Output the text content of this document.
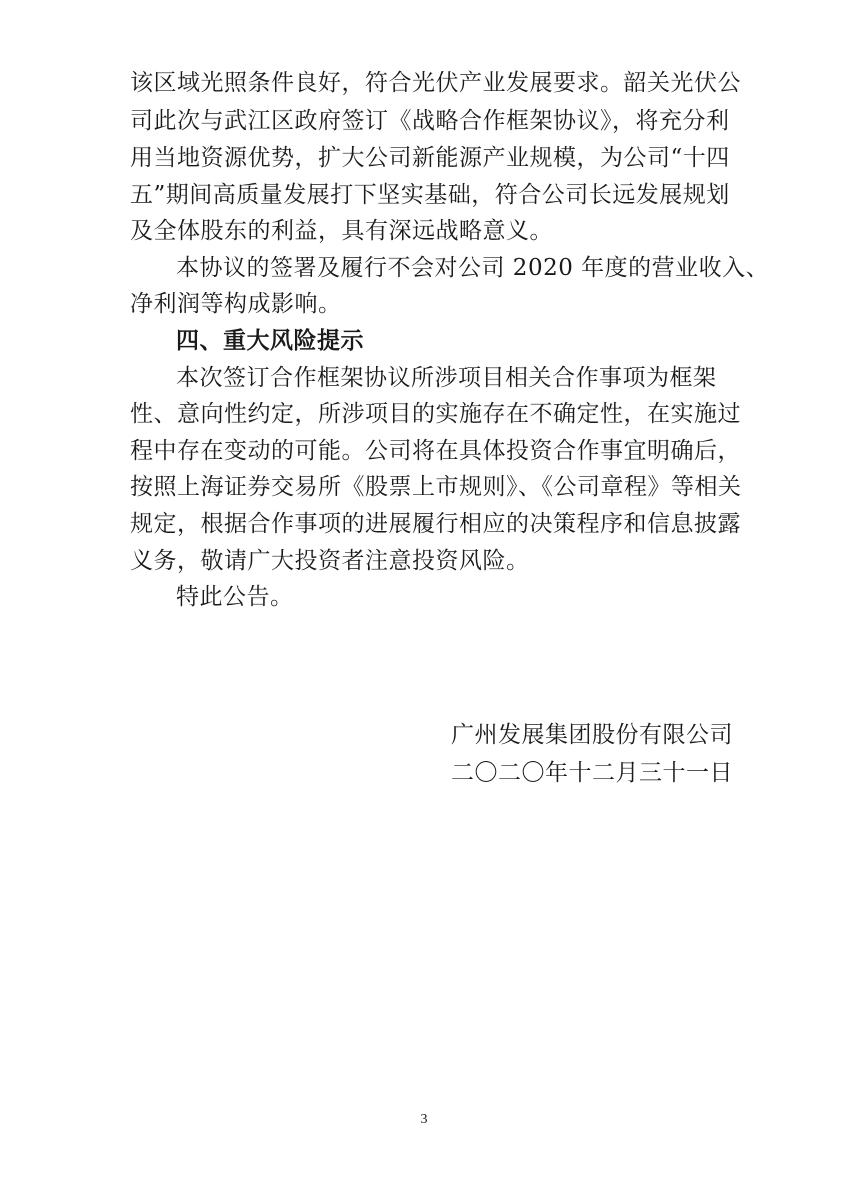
该区域光照条件良好，符合光伏产业发展要求。韶关光伏公
司此次与武江区政府签订《战略合作框架协议》，将充分利
用当地资源优势，扩大公司新能源产业规模，为公司“十四
五”期间高质量发展打下坚实基础，符合公司长远发展规划
及全体股东的利益，具有深远战略意义。
本协议的签署及履行不会对公司 2020 年度的营业收入、
净利润等构成影响。
四、重大风险提示
本次签订合作框架协议所涉项目相关合作事项为框架
性、意向性约定，所涉项目的实施存在不确定性，在实施过
程中存在变动的可能。公司将在具体投资合作事宜明确后，
按照上海证券交易所《股票上市规则》、《公司章程》等相关
规定，根据合作事项的进展履行相应的决策程序和信息披露
义务，敬请广大投资者注意投资风险。
特此公告。
广州发展集团股份有限公司
二〇二〇年十二月三十一日
3
